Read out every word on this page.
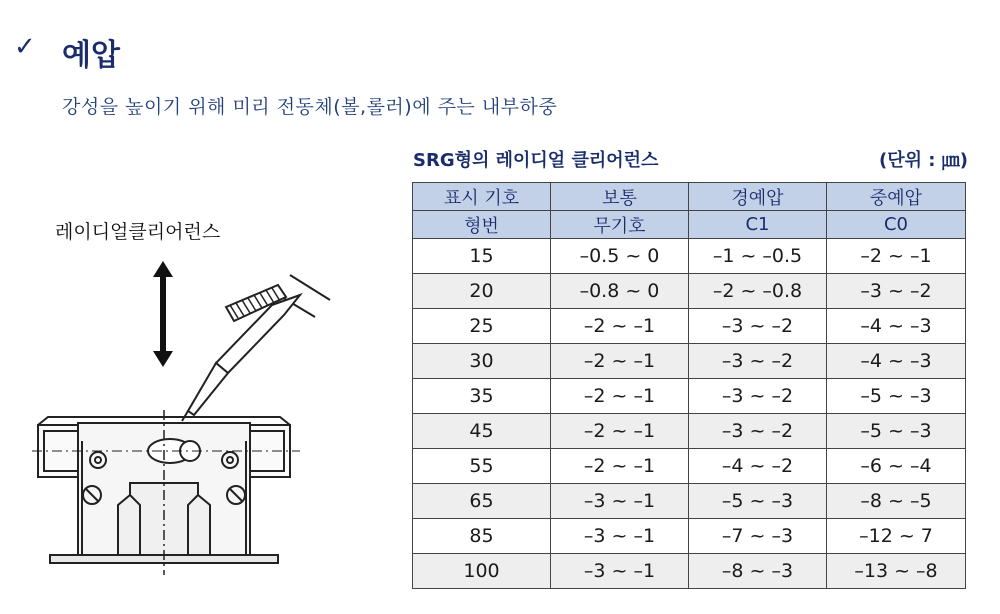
✓ 예압
강성을 높이기 위해 미리 전동체(볼,롤러)에 주는 내부하중
레이디얼클리어런스
SRG형의 레이디얼 클리어런스	(단위 : ㎛)
표시 기호	보통	경예압	중예압
형번	무기호	C1	C0
15	–0.5 ~ 0	–1 ~ –0.5	–2 ~ –1
20	–0.8 ~ 0	–2 ~ –0.8	–3 ~ –2
25	–2 ~ –1	–3 ~ –2	–4 ~ –3
30	–2 ~ –1	–3 ~ –2	–4 ~ –3
35	–2 ~ –1	–3 ~ –2	–5 ~ –3
45	–2 ~ –1	–3 ~ –2	–5 ~ –3
55	–2 ~ –1	–4 ~ –2	–6 ~ –4
65	–3 ~ –1	–5 ~ –3	–8 ~ –5
85	–3 ~ –1	–7 ~ –3	–12 ~ 7
100	–3 ~ –1	–8 ~ –3	–13 ~ –8
